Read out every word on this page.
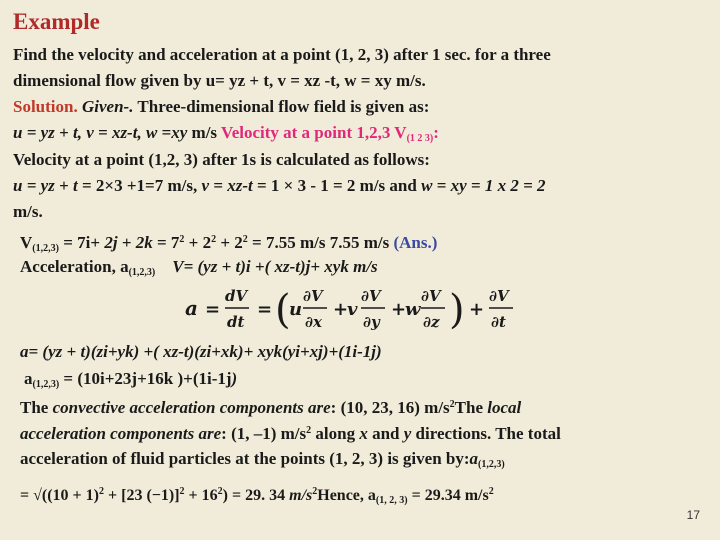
Example
Find the velocity and acceleration at a point (1, 2, 3) after 1 sec. for a three
dimensional flow given by u= yz + t, v = xz -t, w = xy m/s.
Solution. Given-. Three-dimensional flow field is given as:
u = yz + t, v = xz-t, w =xy m/s Velocity at a point 1,2,3 $V_{(1 2 3)}$:
Velocity at a point (1,2, 3) after 1s is calculated as follows:
u = yz + t = 2×3 +1=7 m/s, v = xz-t = 1 × 3 - 1 = 2 m/s and w = xy = 1 x 2 = 2
m/s.
$V_{(1,2,3)} = 7i+ 2j + 2k = 7^2 + 2^2 + 2^2 = 7.55$ m/s 7.55 m/s (Ans.)
Acceleration, $a_{(1,2,3)}$ V= (yz + t)i +( xz-t)j+ xyk m/s
a =
dV
dt
= (
u
∂V
∂x
+
v
∂V
∂y
+
w
∂V
∂z ) +
∂V
∂t
a= (yz + t)(zi+yk) +( xz-t)(zi+xk)+ xyk(yi+xj)+(1i-1j)
$a_{(1,2,3)} = (10i+23j+16k$ )+(1i-1j)
The convective acceleration components are: (10, 23, 16) $m/s^2The$ local
acceleration components are: (1, –1) $m/s^2$ along x and y directions. The total
acceleration of fluid particles at the points (1, 2, 3) is given $by:a_{(1,2,3)}$
= $√((10 + 1)^2 + [23$ $(-1)]^2 + 16^2) = 29$. 34 $m/s^2Hence$, $a_{(1, 2, 3)} = 29.34$ $m/s^2$
17
